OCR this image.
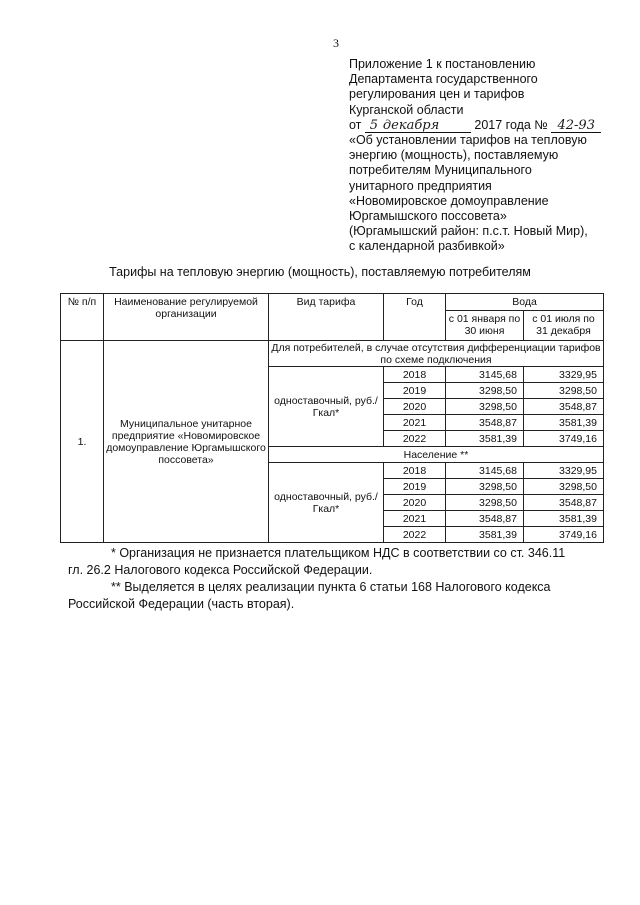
3
Приложение 1 к постановлению
Департамента государственного
регулирования цен и тарифов
Курганской области
от 5 декабря	2017 года № 42-93
«Об установлении тарифов на тепловую
энергию (мощность), поставляемую
потребителям Муниципального
унитарного предприятия
«Новомировское домоуправление
Юргамышского поссовета»
(Юргамышский район: п.с.т. Новый Мир),
с календарной разбивкой»
Тарифы на тепловую энергию (мощность), поставляемую потребителям
№ п/п	Наименование регулируемой организации	Вид тарифа	Год	Вода	
				с 01 января по 30 июня	с 01 июля по 31 декабря
1.	Муниципальное унитарное предприятие «Новомировское домоуправление Юргамышского поссовета»	Для потребителей, в случае отсутствия дифференциации тарифов по схеме подключения			
		одноставочный, руб./Гкал*	2018	3145,68	3329,95
			2019	3298,50	3298,50
			2020	3298,50	3548,87
			2021	3548,87	3581,39
			2022	3581,39	3749,16
		Население **			
		одноставочный, руб./Гкал*	2018	3145,68	3329,95
			2019	3298,50	3298,50
			2020	3298,50	3548,87
			2021	3548,87	3581,39
			2022	3581,39	3749,16

* Организация не признается плательщиком НДС в соответствии со ст. 346.11

гл. 26.2 Налогового кодекса Российской Федерации.

** Выделяется в целях реализации пункта 6 статьи 168 Налогового кодекса

Российской Федерации (часть вторая).
